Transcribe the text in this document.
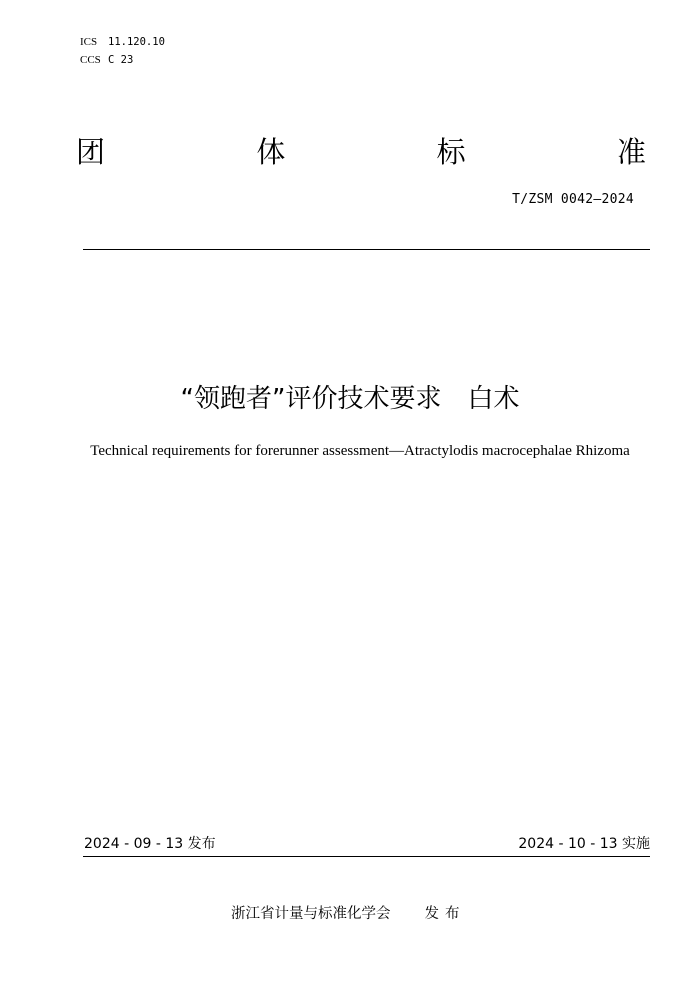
ICS 11.120.10
CCS C 23
团	体	标	准
T/ZSM 0042—2024
“领跑者”评价技术要求　白术
Technical requirements for forerunner assessment—Atractylodis macrocephalae Rhizoma
2024 - 09 - 13 发布	2024 - 10 - 13 实施
浙江省计量与标准化学会 发布
